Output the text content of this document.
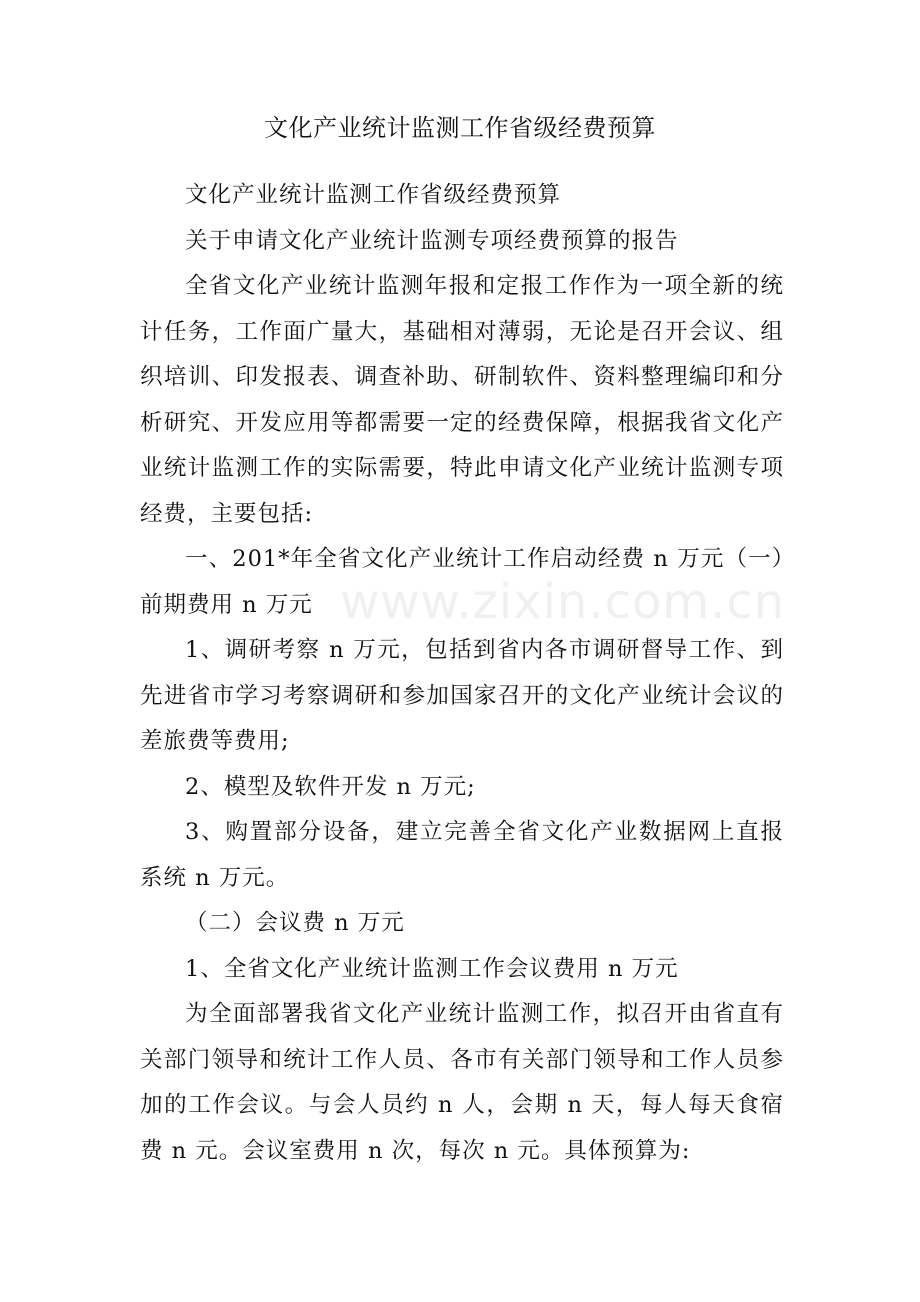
文化产业统计监测工作省级经费预算

文化产业统计监测工作省级经费预算

关于申请文化产业统计监测专项经费预算的报告

全省文化产业统计监测年报和定报工作作为一项全新的统计任务，工作面广量大，基础相对薄弱，无论是召开会议、组织培训、印发报表、调查补助、研制软件、资料整理编印和分析研究、开发应用等都需要一定的经费保障，根据我省文化产业统计监测工作的实际需要，特此申请文化产业统计监测专项经费，主要包括:

一、201*年全省文化产业统计工作启动经费 n 万元（一）前期费用 n 万元

1、调研考察 n 万元，包括到省内各市调研督导工作、到先进省市学习考察调研和参加国家召开的文化产业统计会议的差旅费等费用;

2、模型及软件开发 n 万元;

3、购置部分设备，建立完善全省文化产业数据网上直报系统 n 万元。

（二）会议费 n 万元

1、全省文化产业统计监测工作会议费用 n 万元

为全面部署我省文化产业统计监测工作，拟召开由省直有关部门领导和统计工作人员、各市有关部门领导和工作人员参加的工作会议。与会人员约 n 人，会期 n 天，每人每天食宿费 n 元。会议室费用 n 次，每次 n 元。具体预算为:

www.zixin.com.cn
